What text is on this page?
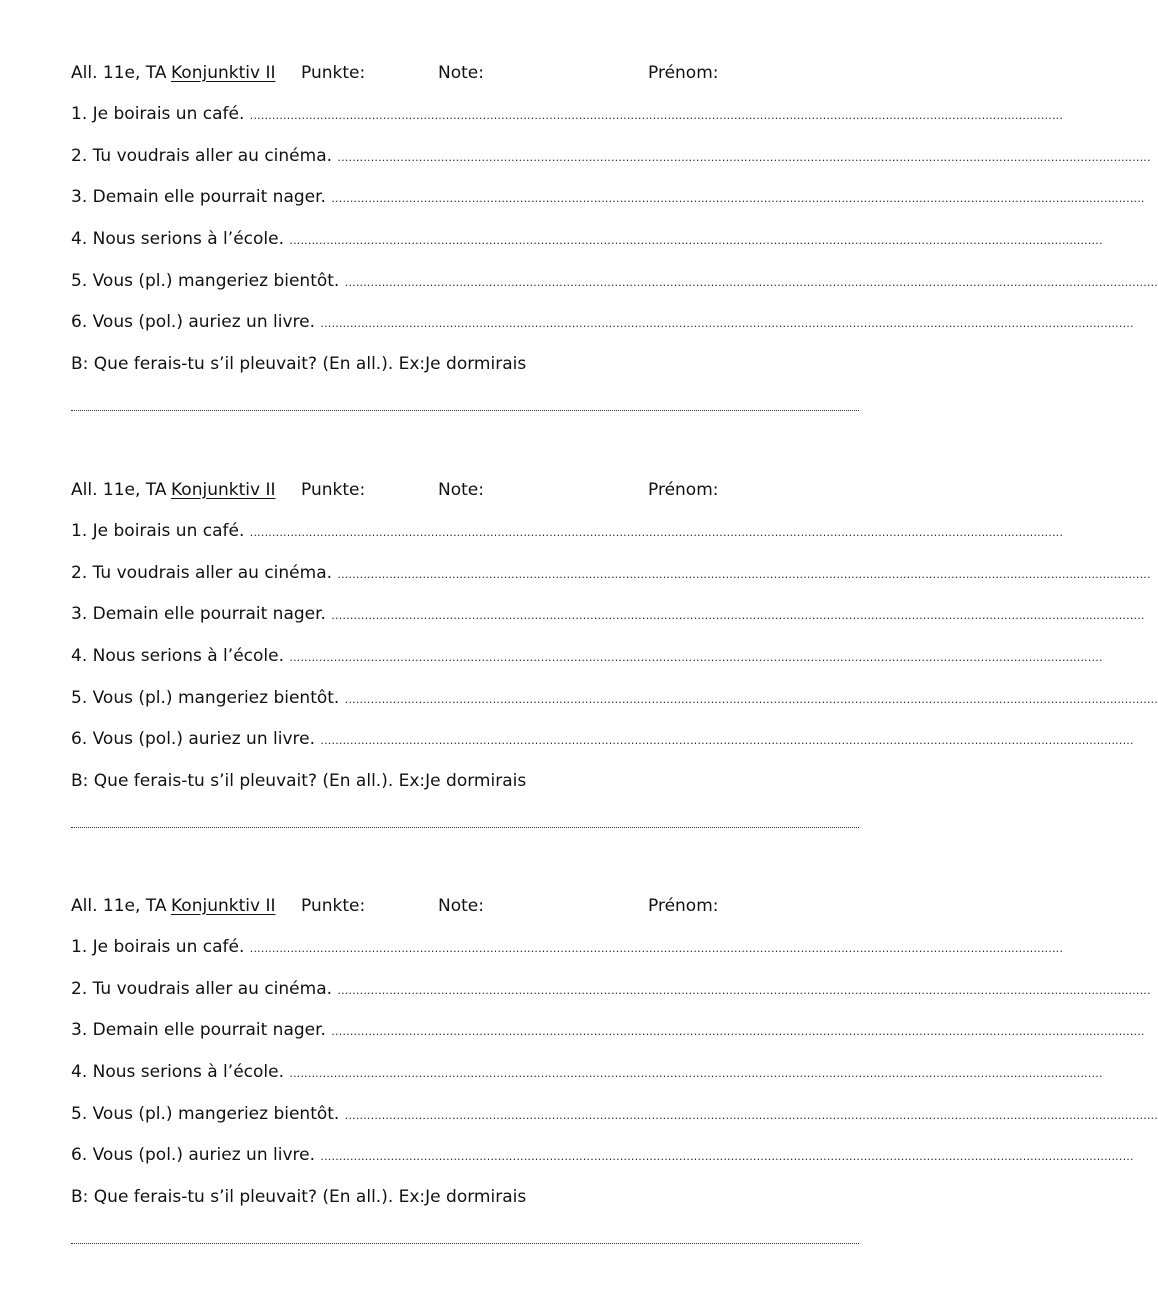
All. 11e, TA Konjunktiv II Punkte:	Note:	Prénom:
1. Je boirais un café. ............................................................................................................................................................................................................................
2. Tu voudrais aller au cinéma. ............................................................................................................................................................................................................................
3. Demain elle pourrait nager. ............................................................................................................................................................................................................................
4. Nous serions à l’école. ............................................................................................................................................................................................................................
5. Vous (pl.) mangeriez bientôt. ............................................................................................................................................................................................................................
6. Vous (pol.) auriez un livre. ............................................................................................................................................................................................................................
B: Que ferais-tu s’il pleuvait? (En all.). Ex:Je dormirais
All. 11e, TA Konjunktiv II Punkte:	Note:	Prénom:
1. Je boirais un café. ............................................................................................................................................................................................................................
2. Tu voudrais aller au cinéma. ............................................................................................................................................................................................................................
3. Demain elle pourrait nager. ............................................................................................................................................................................................................................
4. Nous serions à l’école. ............................................................................................................................................................................................................................
5. Vous (pl.) mangeriez bientôt. ............................................................................................................................................................................................................................
6. Vous (pol.) auriez un livre. ............................................................................................................................................................................................................................
B: Que ferais-tu s’il pleuvait? (En all.). Ex:Je dormirais
All. 11e, TA Konjunktiv II Punkte:	Note:	Prénom:
1. Je boirais un café. ............................................................................................................................................................................................................................
2. Tu voudrais aller au cinéma. ............................................................................................................................................................................................................................
3. Demain elle pourrait nager. ............................................................................................................................................................................................................................
4. Nous serions à l’école. ............................................................................................................................................................................................................................
5. Vous (pl.) mangeriez bientôt. ............................................................................................................................................................................................................................
6. Vous (pol.) auriez un livre. ............................................................................................................................................................................................................................
B: Que ferais-tu s’il pleuvait? (En all.). Ex:Je dormirais
